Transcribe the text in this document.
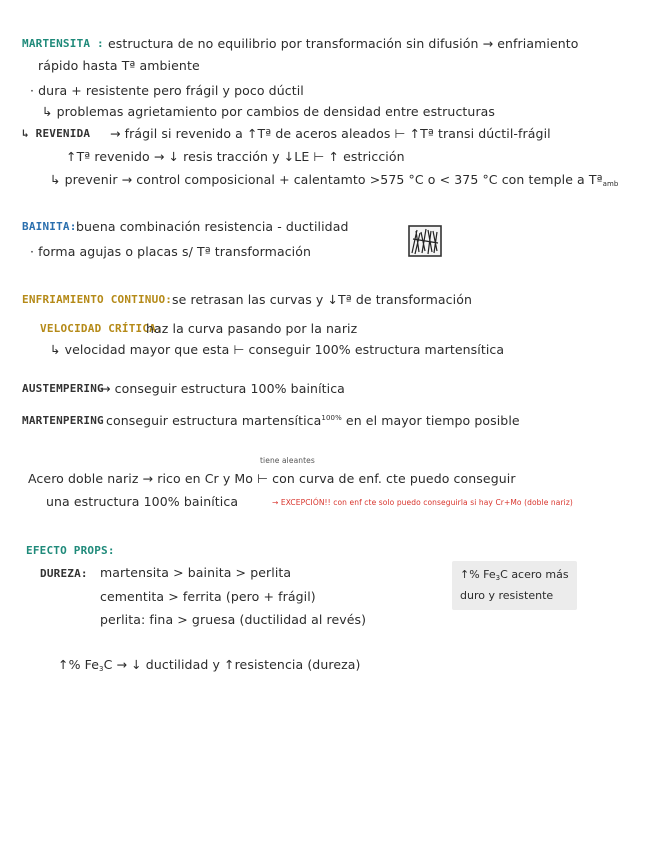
MARTENSITA : estructura de no equilibrio por transformación sin difusión → enfriamiento
rápido hasta Tª ambiente
· dura + resistente pero frágil y poco dúctil
↳ problemas agrietamiento por cambios de densidad entre estructuras
↳ REVENIDA → frágil si revenido a ↑Tª de aceros aleados ⊢ ↑Tª transi dúctil-frágil
↑Tª revenido → ↓ resis tracción y ↓LE ⊢ ↑ estricción
↳ prevenir → control composicional + calentamto >575 °C o < 375 °C con temple a Tª$_{amb}$
BAINITA: buena combinación resistencia - ductilidad
· forma agujas o placas s/ Tª transformación
ENFRIAMIENTO CONTINUO: se retrasan las curvas y ↓Tª de transformación
VELOCIDAD CRÍTICA:
haz la curva pasando por la nariz
↳ velocidad mayor que esta ⊢ conseguir 100% estructura martensítica
AUSTEMPERING
→ conseguir estructura 100% bainítica
MARTENPERING conseguir estructura martensítica$^{100\%}$ en el mayor tiempo posible
tiene aleantes
Acero doble nariz → rico en Cr y Mo ⊢ con curva de enf. cte puedo conseguir
una estructura 100% bainítica	→ EXCEPCIÓN!! con enf cte solo puedo conseguirla si hay Cr+Mo (doble nariz)
EFECTO PROPS:
DUREZA: martensita > bainita > perlita
cementita > ferrita (pero + frágil)
perlita: fina > gruesa (ductilidad al revés)
↑% $Fe_3C$ acero más
duro y resistente
↑% $Fe_3C$ → ↓ ductilidad y ↑resistencia (dureza)
